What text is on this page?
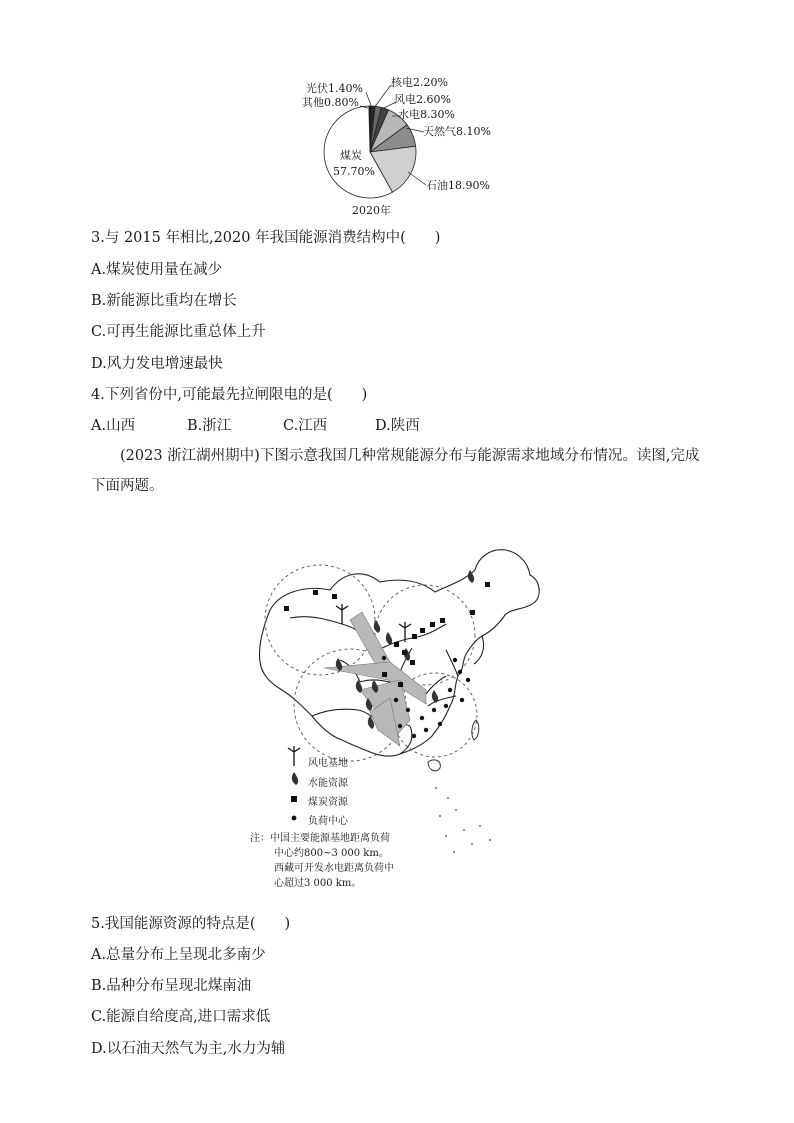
光伏1.40%
其他0.80%
核电2.20%
风电2.60%
水电8.30%
天然气8.10%
石油18.90%
煤炭
57.70%
2020年
3.与 2015 年相比,2020 年我国能源消费结构中(　　)
A.煤炭使用量在减少
B.新能源比重均在增长
C.可再生能源比重总体上升
D.风力发电增速最快
4.下列省份中,可能最先拉闸限电的是(　　)
A.山西	B.浙江	C.江西	D.陕西
(2023 浙江湖州期中)下图示意我国几种常规能源分布与能源需求地域分布情况。读图,完成下面两题。
风电基地
水能资源
煤炭资源
负荷中心
注：中国主要能源基地距离负荷
中心约800~3 000 km。
西藏可开发水电距离负荷中
心超过3 000 km。
5.我国能源资源的特点是(　　)
A.总量分布上呈现北多南少
B.品种分布呈现北煤南油
C.能源自给度高,进口需求低
D.以石油天然气为主,水力为辅
